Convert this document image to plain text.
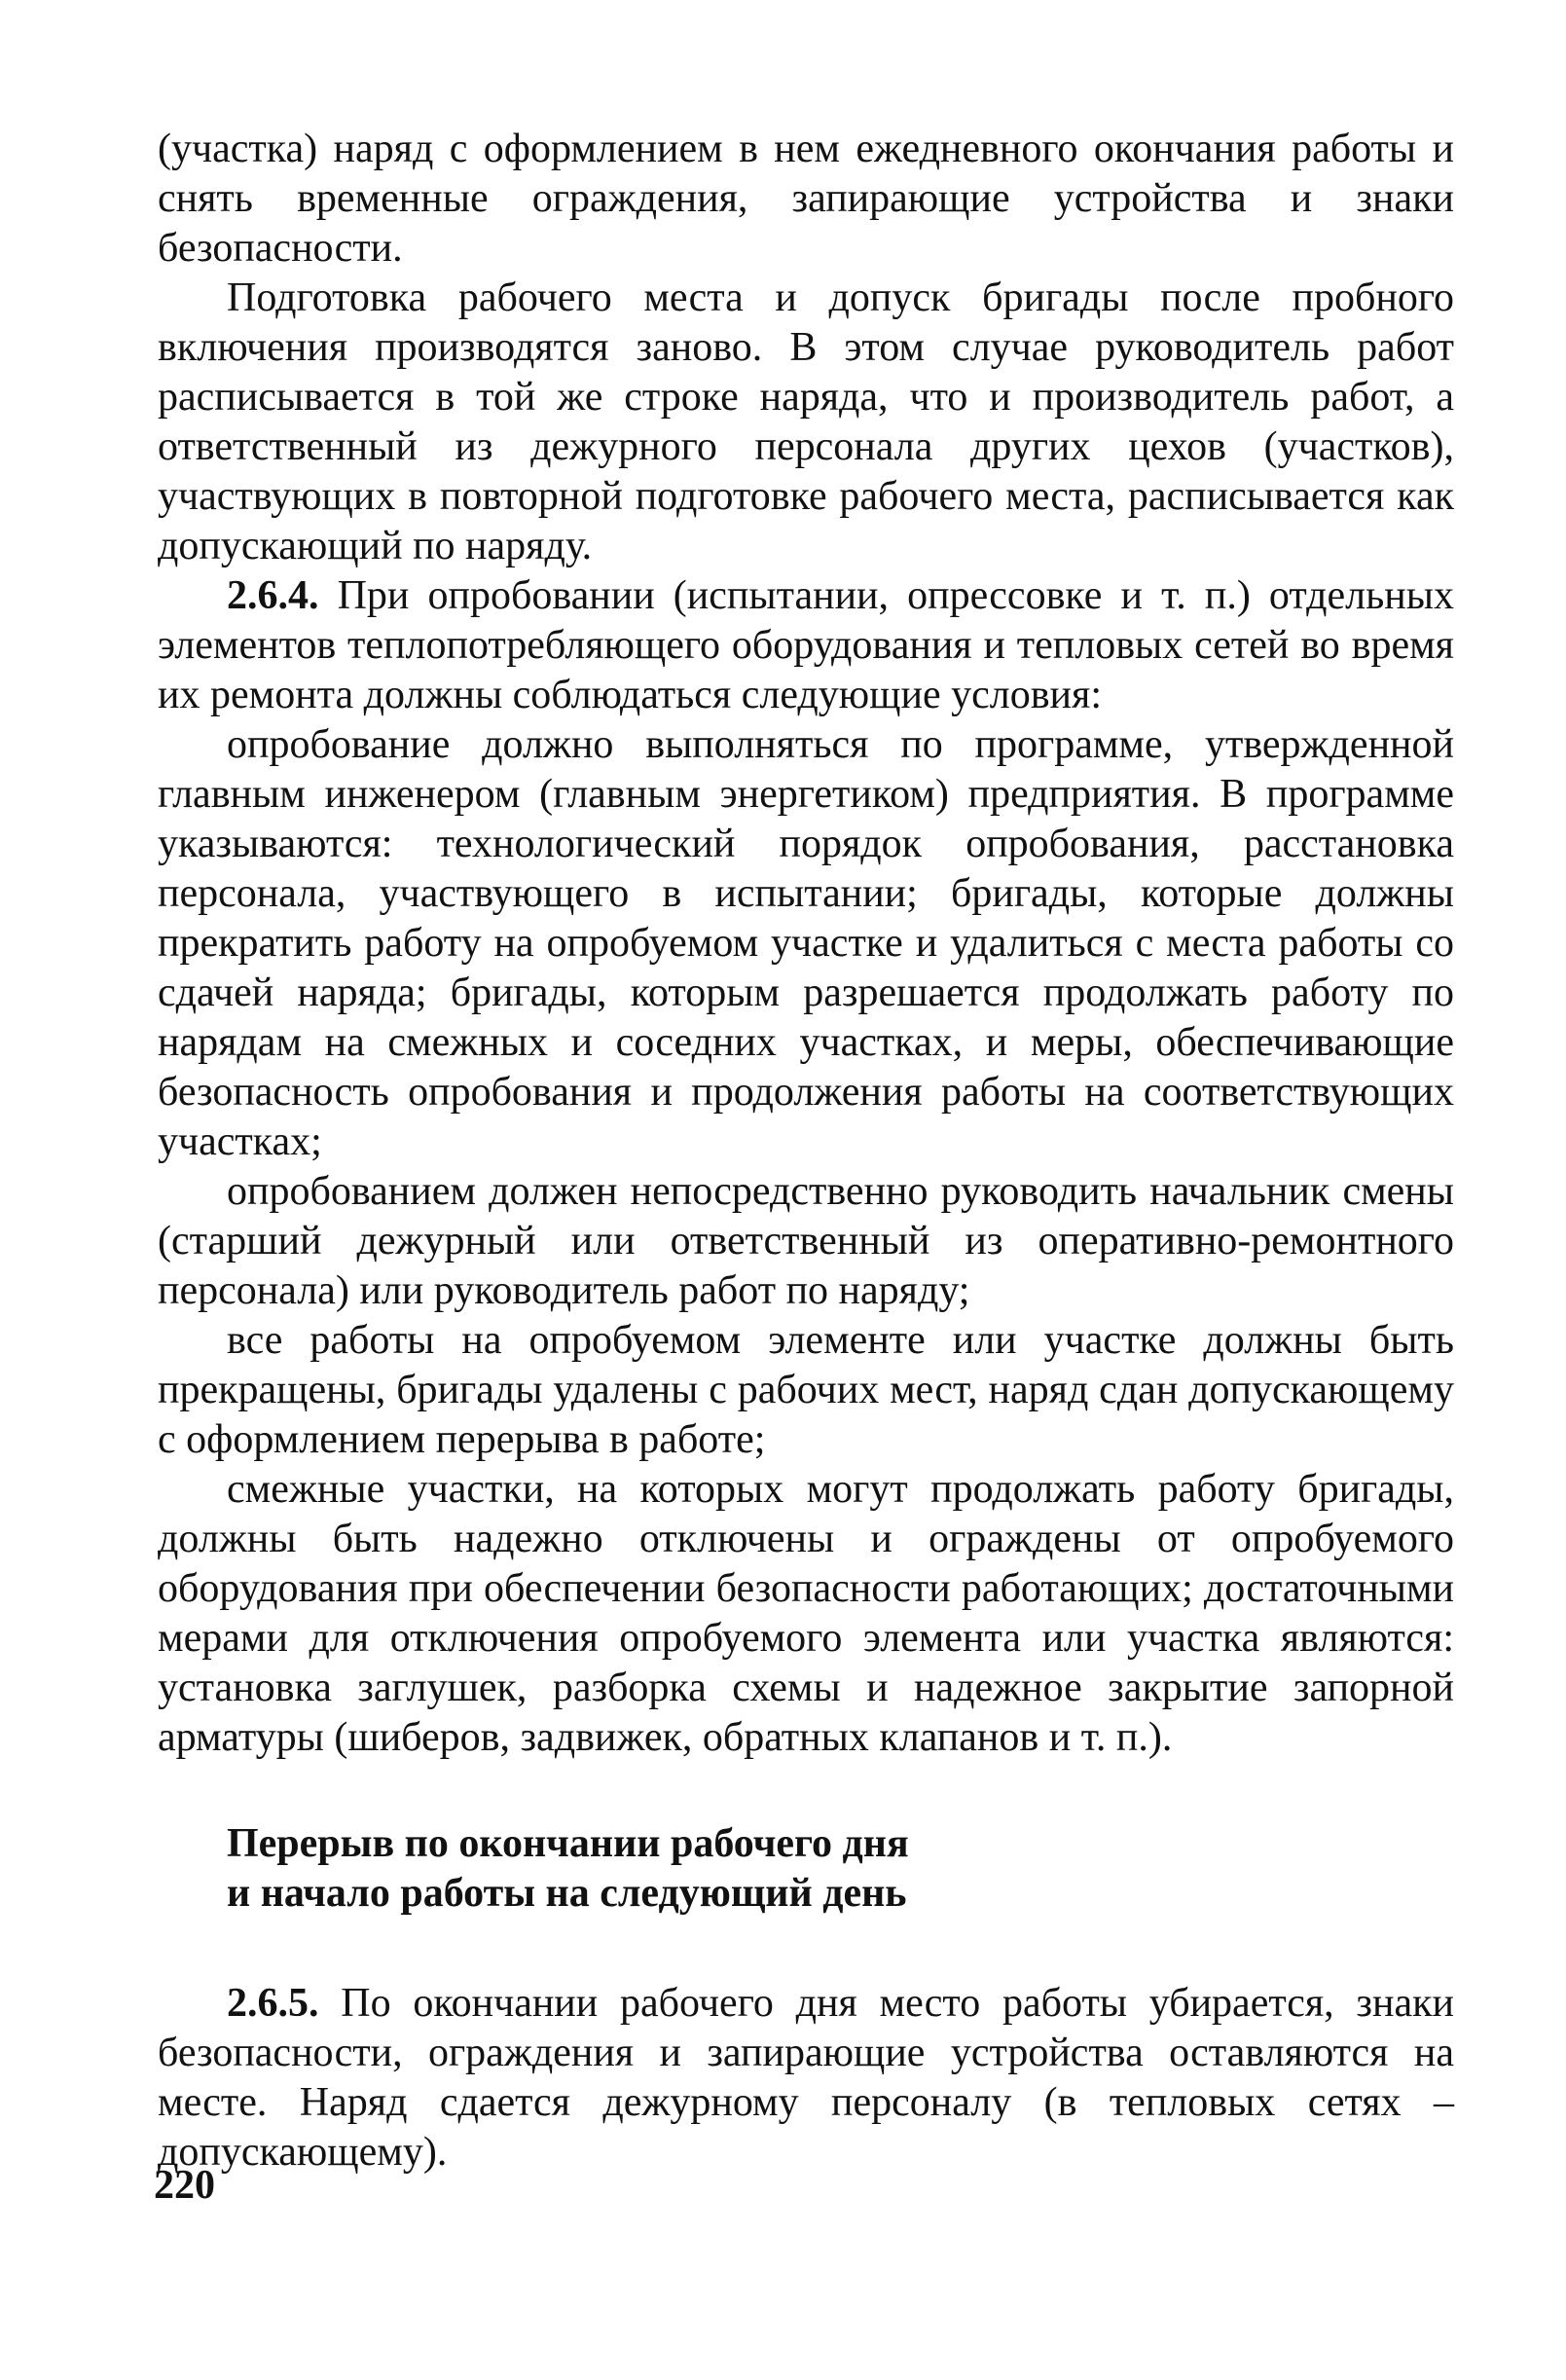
(участка) наряд с оформлением в нем ежедневного окончания работы и снять временные ограждения, запирающие устройства и знаки безопасности.

Подготовка рабочего места и допуск бригады после пробного включения производятся заново. В этом случае руководитель работ расписывается в той же строке наряда, что и производитель работ, а ответственный из дежурного персонала других цехов (участков), участвующих в повторной подготовке рабочего места, расписывается как допускающий по наряду.

2.6.4. При опробовании (испытании, опрессовке и т. п.) отдельных элементов теплопотребляющего оборудования и тепловых сетей во время их ремонта должны соблюдаться следующие условия:

опробование должно выполняться по программе, утвержденной главным инженером (главным энергетиком) предприятия. В программе указываются: технологический порядок опробования, расстановка персонала, участвующего в испытании; бригады, которые должны прекратить работу на опробуемом участке и удалиться с места работы со сдачей наряда; бригады, которым разрешается продолжать работу по нарядам на смежных и соседних участках, и меры, обеспечивающие безопасность опробования и продолжения работы на соответствующих участках;

опробованием должен непосредственно руководить начальник смены (старший дежурный или ответственный из оперативно-ремонтного персонала) или руководитель работ по наряду;

все работы на опробуемом элементе или участке должны быть прекращены, бригады удалены с рабочих мест, наряд сдан допускающему с оформлением перерыва в работе;

смежные участки, на которых могут продолжать работу бригады, должны быть надежно отключены и ограждены от опробуемого оборудования при обеспечении безопасности работающих; достаточными мерами для отключения опробуемого элемента или участка являются: установка заглушек, разборка схемы и надежное закрытие запорной арматуры (шиберов, задвижек, обратных клапанов и т. п.).

Перерыв по окончании рабочего дня
и начало работы на следующий день

2.6.5. По окончании рабочего дня место работы убирается, знаки безопасности, ограждения и запирающие устройства оставляются на месте. Наряд сдается дежурному персоналу (в тепловых сетях – допускающему).

220
